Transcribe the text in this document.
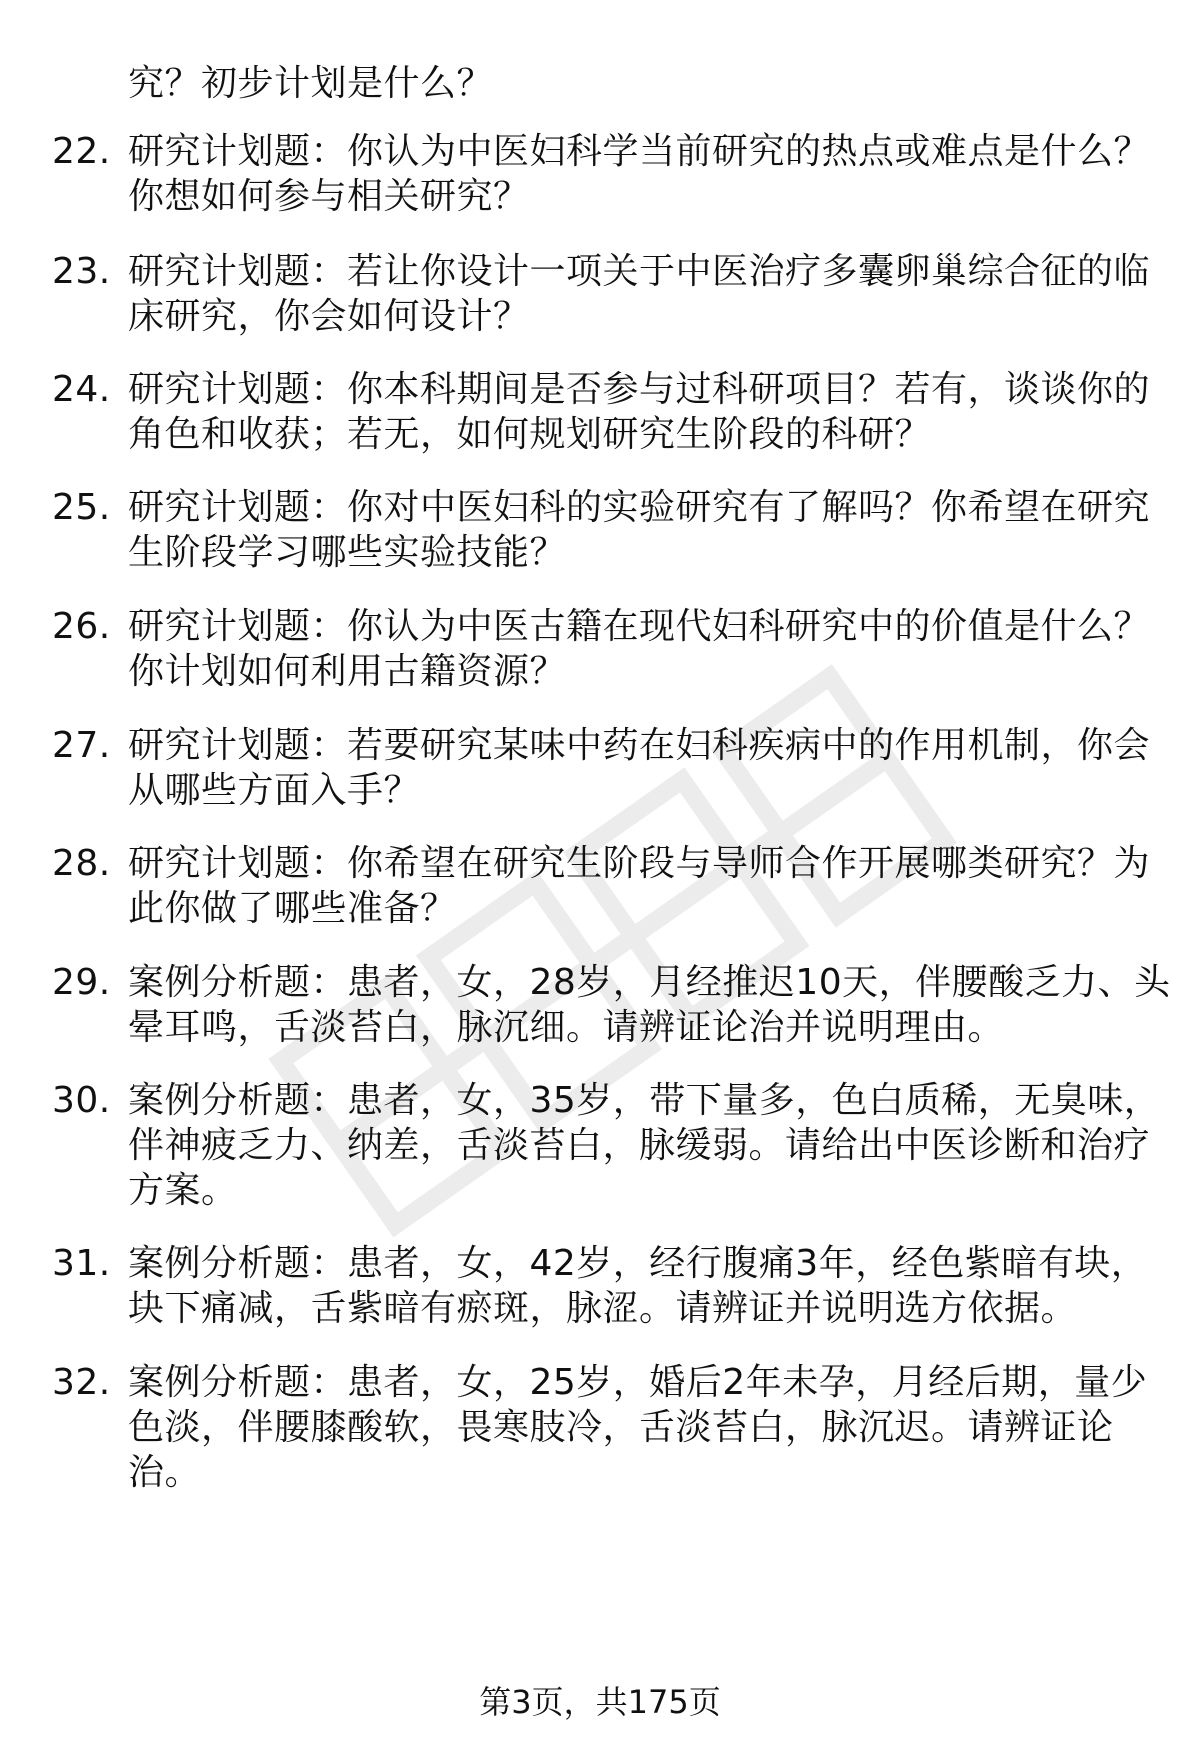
究？初步计划是什么？
22. 研究计划题：你认为中医妇科学当前研究的热点或难点是什么？
你想如何参与相关研究？
23. 研究计划题：若让你设计一项关于中医治疗多囊卵巢综合征的临
床研究，你会如何设计？
24. 研究计划题：你本科期间是否参与过科研项目？若有，谈谈你的
角色和收获；若无，如何规划研究生阶段的科研？
25. 研究计划题：你对中医妇科的实验研究有了解吗？你希望在研究
生阶段学习哪些实验技能？
26. 研究计划题：你认为中医古籍在现代妇科研究中的价值是什么？
你计划如何利用古籍资源？
27. 研究计划题：若要研究某味中药在妇科疾病中的作用机制，你会
从哪些方面入手？
28. 研究计划题：你希望在研究生阶段与导师合作开展哪类研究？为
此你做了哪些准备？
29. 案例分析题：患者，女，28岁，月经推迟10天，伴腰酸乏力、头
晕耳鸣，舌淡苔白，脉沉细。请辨证论治并说明理由。
30. 案例分析题：患者，女，35岁，带下量多，色白质稀，无臭味，
伴神疲乏力、纳差，舌淡苔白，脉缓弱。请给出中医诊断和治疗
方案。
31. 案例分析题：患者，女，42岁，经行腹痛3年，经色紫暗有块，
块下痛减，舌紫暗有瘀斑，脉涩。请辨证并说明选方依据。
32. 案例分析题：患者，女，25岁，婚后2年未孕，月经后期，量少
色淡，伴腰膝酸软，畏寒肢冷，舌淡苔白，脉沉迟。请辨证论
治。
第3页，共175页
